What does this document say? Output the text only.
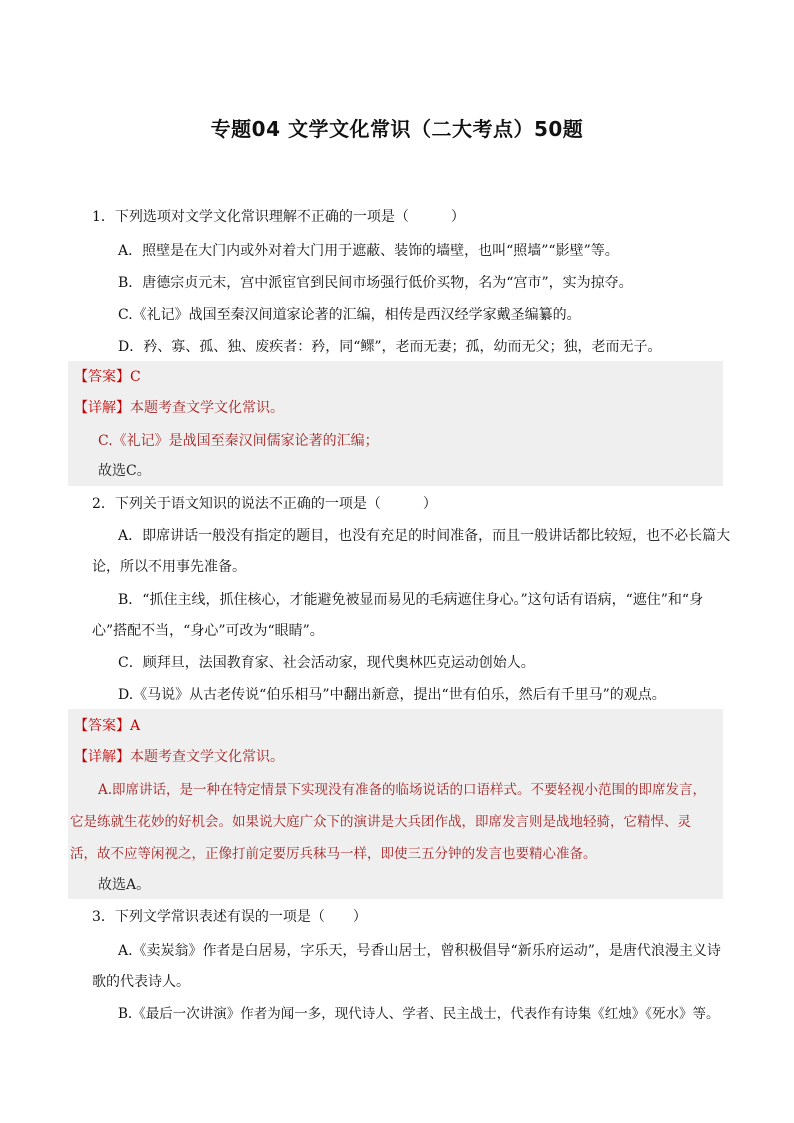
专题04 文学文化常识（二大考点）50题
1．下列选项对文学文化常识理解不正确的一项是（　　　）
A．照壁是在大门内或外对着大门用于遮蔽、装饰的墙壁，也叫“照墙”“影壁”等。
B．唐德宗贞元末，宫中派宦官到民间市场强行低价买物，名为“宫市”，实为掠夺。
C.《礼记》战国至秦汉间道家论著的汇编，相传是西汉经学家戴圣编纂的。
D．矜、寡、孤、独、废疾者：矜，同“鳏”，老而无妻；孤，幼而无父；独，老而无子。
【答案】C
【详解】本题考查文学文化常识。
C.《礼记》是战国至秦汉间儒家论著的汇编；
故选C。
2．下列关于语文知识的说法不正确的一项是（　　　）
A．即席讲话一般没有指定的题目，也没有充足的时间准备，而且一般讲话都比较短，也不必长篇大
论，所以不用事先准备。
B．“抓住主线，抓住核心，才能避免被显而易见的毛病遮住身心。”这句话有语病，“遮住”和“身
心”搭配不当，“身心”可改为“眼睛”。
C．顾拜旦，法国教育家、社会活动家，现代奥林匹克运动创始人。
D.《马说》从古老传说“伯乐相马”中翻出新意，提出“世有伯乐，然后有千里马”的观点。
【答案】A
【详解】本题考查文学文化常识。
A.即席讲话，是一种在特定情景下实现没有准备的临场说话的口语样式。不要轻视小范围的即席发言，
它是练就生花妙的好机会。如果说大庭广众下的演讲是大兵团作战，即席发言则是战地轻骑，它精悍、灵
活，故不应等闲视之，正像打前定要厉兵秣马一样，即使三五分钟的发言也要精心准备。
故选A。
3．下列文学常识表述有误的一项是（　　）
A.《卖炭翁》作者是白居易，字乐天，号香山居士，曾积极倡导“新乐府运动”，是唐代浪漫主义诗
歌的代表诗人。
B.《最后一次讲演》作者为闻一多，现代诗人、学者、民主战士，代表作有诗集《红烛》《死水》等。
